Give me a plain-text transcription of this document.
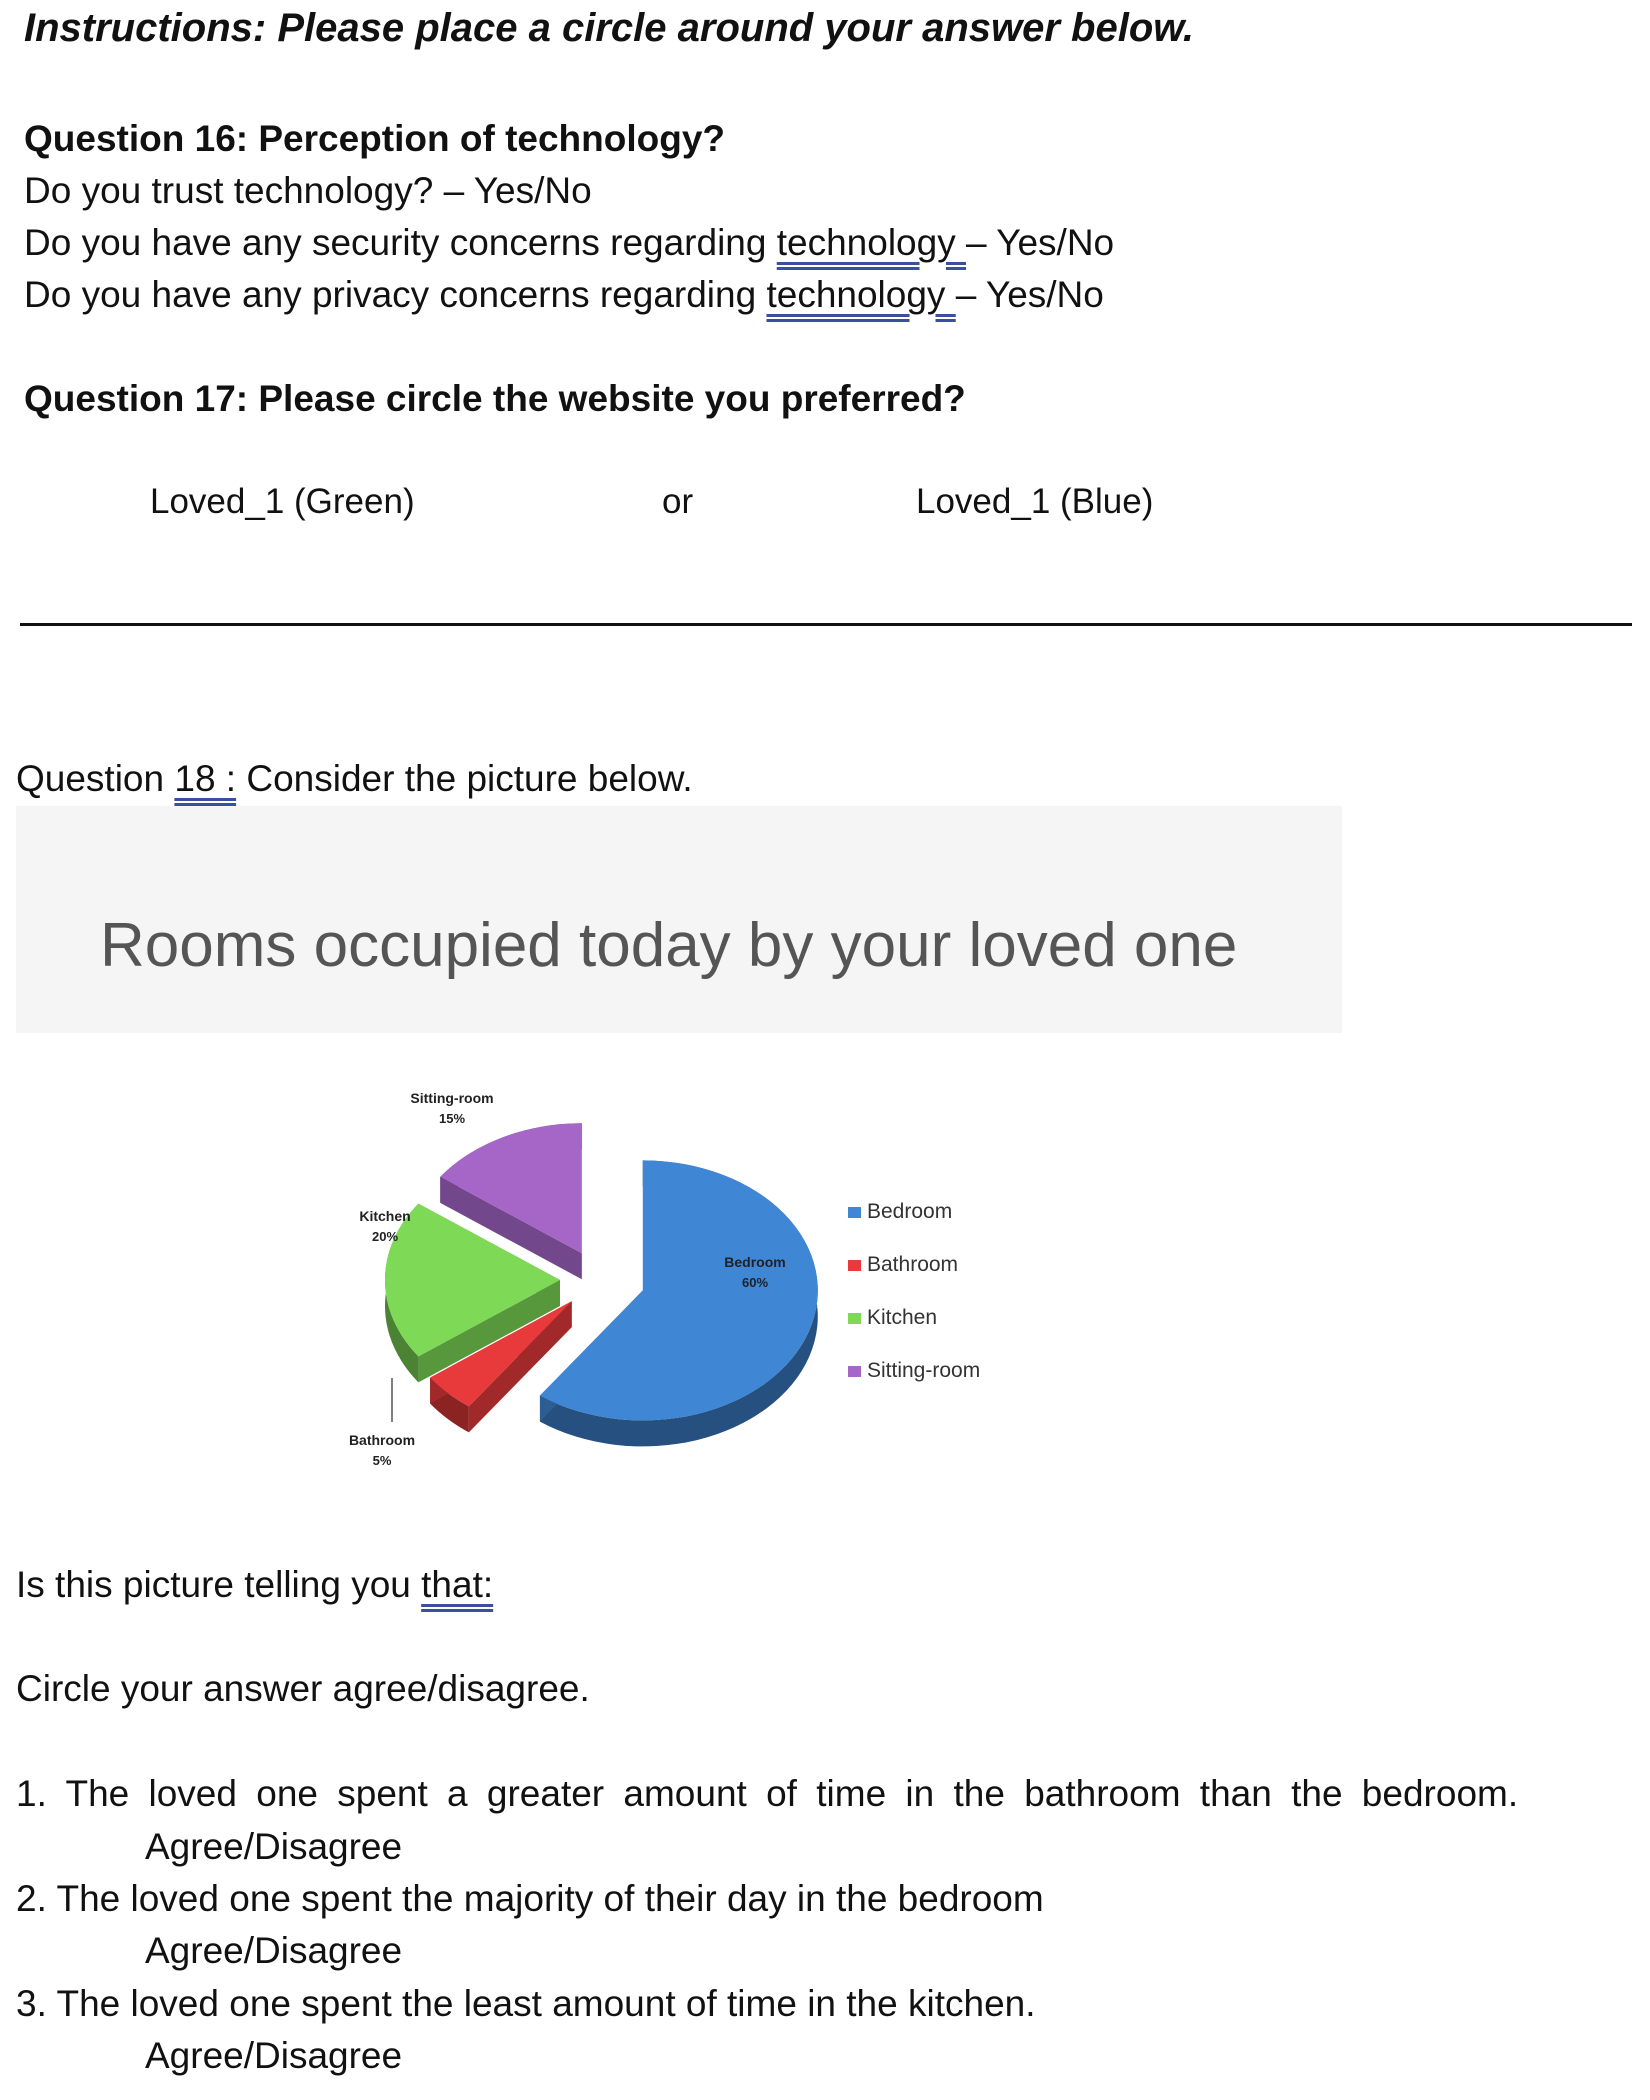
Instructions: Please place a circle around your answer below.
Question 16: Perception of technology?
Do you trust technology? – Yes/No
Do you have any security concerns regarding technology – Yes/No
Do you have any privacy concerns regarding technology – Yes/No
Question 17: Please circle the website you preferred?
Loved_1 (Green)	or	Loved_1 (Blue)
Question 18 : Consider the picture below.
Rooms occupied today by your loved one
Bedroom
60%
Bathroom
5%
Kitchen
20%
Sitting-room
15%
Bedroom
Bathroom
Kitchen
Sitting-room
Is this picture telling you that:
Circle your answer agree/disagree.
1. The loved one spent a greater amount of time in the bathroom than the bedroom.
Agree/Disagree
2. The loved one spent the majority of their day in the bedroom
Agree/Disagree
3. The loved one spent the least amount of time in the kitchen.
Agree/Disagree
